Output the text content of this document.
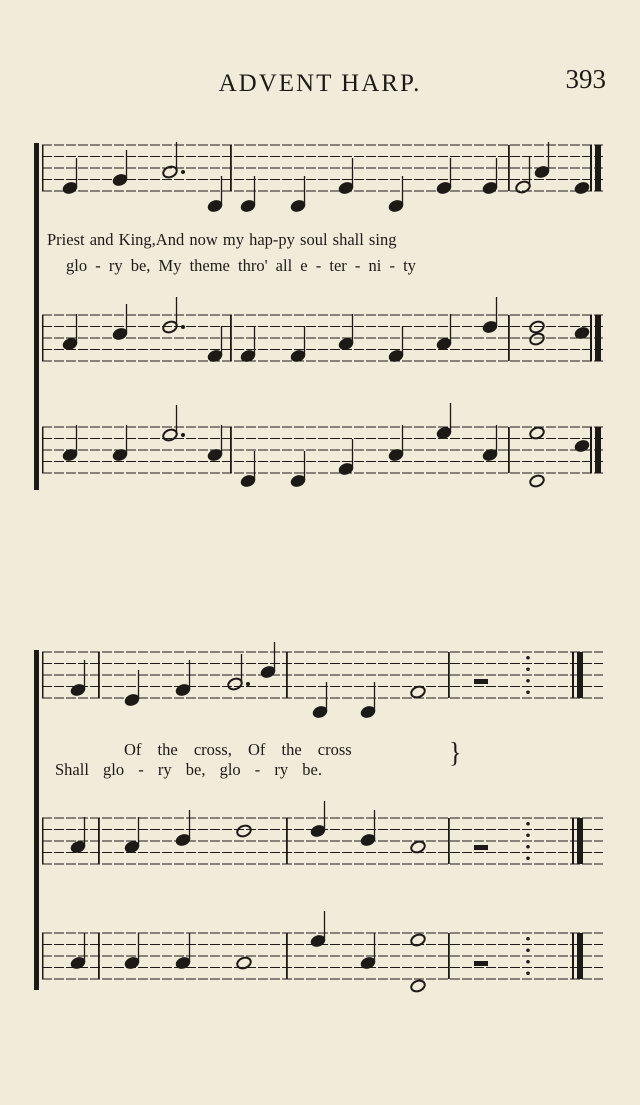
ADVENT HARP.	393
Priest and King,And now my hap-py soul shall sing
glo - ry be, My theme thro' all e - ter - ni - ty
Of the cross, Of the cross
Shall glo - ry be, glo - ry be.
}
